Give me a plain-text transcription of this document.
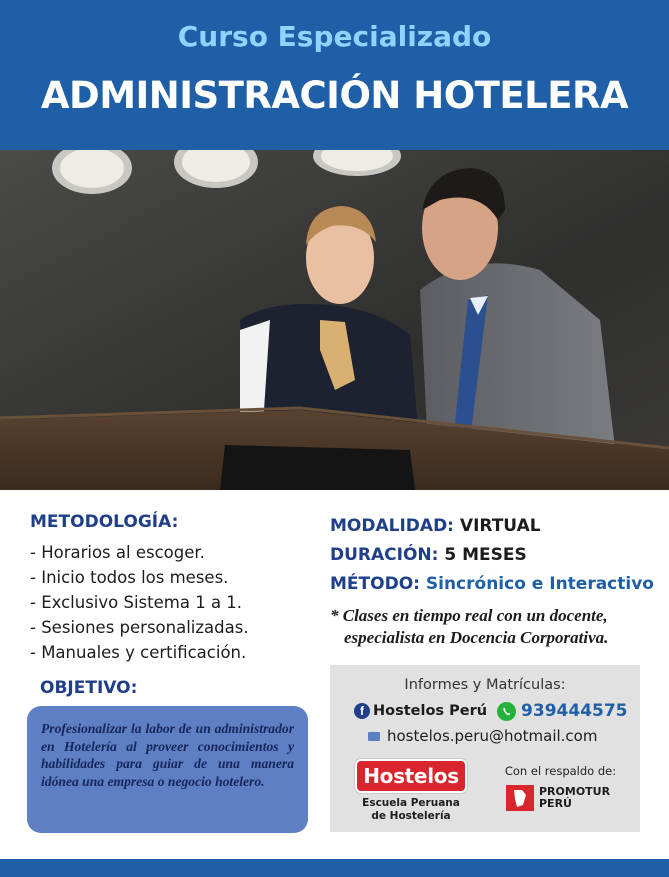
Curso Especializado
ADMINISTRACIÓN HOTELERA
METODOLOGÍA:
- Horarios al escoger.
- Inicio todos los meses.
- Exclusivo Sistema 1 a 1.
- Sesiones personalizadas.
- Manuales y certificación.
OBJETIVO:

Profesionalizar la labor de un administrador en Hotelería al proveer conocimientos y habilidades para guiar de una manera idónea una empresa o negocio hotelero.

MODALIDAD: VIRTUAL
DURACIÓN: 5 MESES
MÉTODO: Sincrónico e Interactivo
* Clases en tiempo real con un docente,
especialista en Docencia Corporativa.
Informes y Matrículas:
f Hostelos Perú 939444575
hostelos.peru@hotmail.com
Hostelos
Escuela Peruana
de Hostelería
Con el respaldo de:
PROMOTUR
PERÚ
